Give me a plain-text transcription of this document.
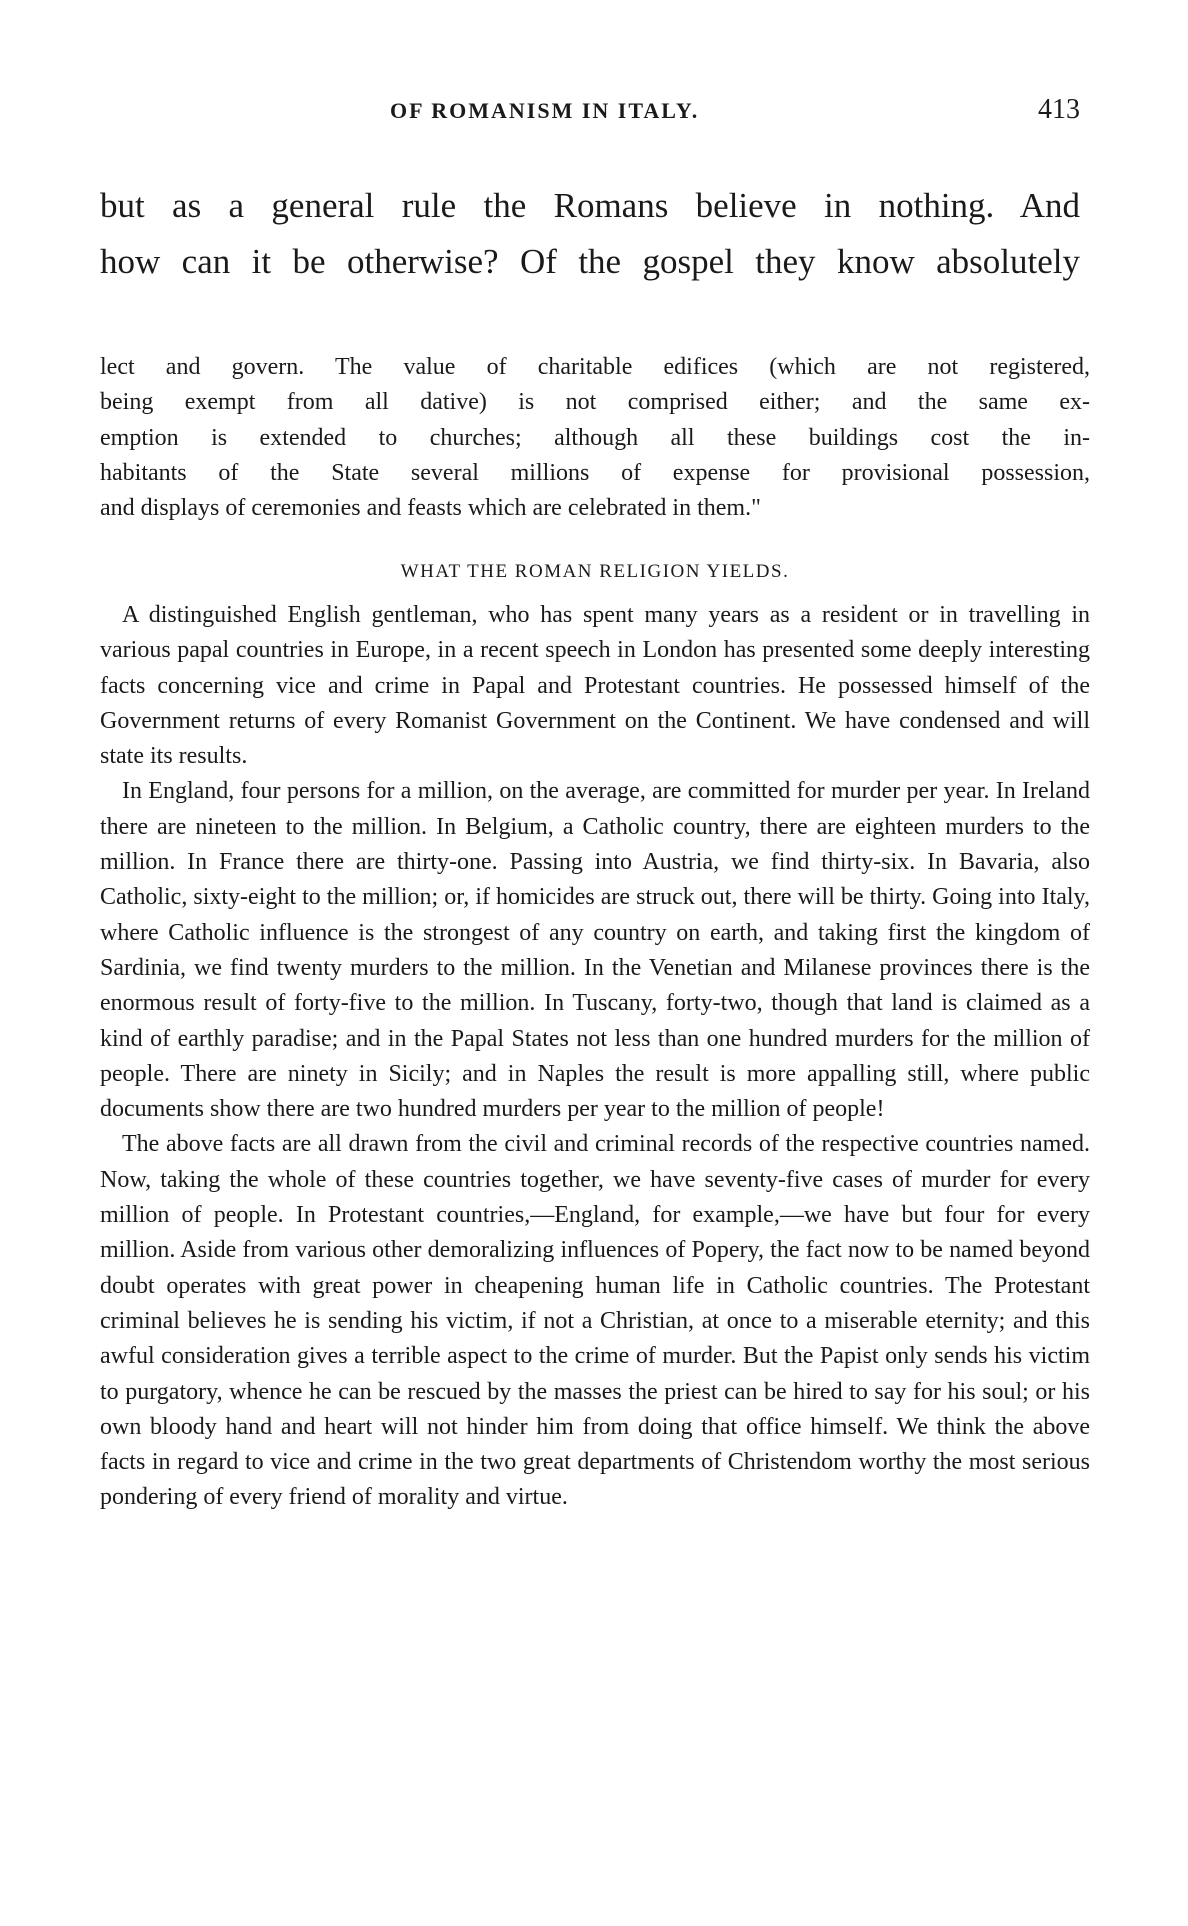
OF ROMANISM IN ITALY.	413
but as a general rule the Romans believe in nothing. And
how can it be otherwise? Of the gospel they know absolutely
lect and govern. The value of charitable edifices (which are not registered,
being exempt from all dative) is not comprised either; and the same ex-
emption is extended to churches; although all these buildings cost the in-
habitants of the State several millions of expense for provisional possession,
and displays of ceremonies and feasts which are celebrated in them."
WHAT THE ROMAN RELIGION YIELDS.

A distinguished English gentleman, who has spent many years as a resident or in travelling in various papal countries in Europe, in a recent speech in London has presented some deeply interesting facts concerning vice and crime in Papal and Protestant countries. He possessed himself of the Government returns of every Romanist Government on the Continent. We have condensed and will state its results.

In England, four persons for a million, on the average, are committed for murder per year. In Ireland there are nineteen to the million. In Belgium, a Catholic country, there are eighteen murders to the million. In France there are thirty-one. Passing into Austria, we find thirty-six. In Bavaria, also Catholic, sixty-eight to the million; or, if homicides are struck out, there will be thirty. Going into Italy, where Catholic influence is the strongest of any country on earth, and taking first the kingdom of Sardinia, we find twenty murders to the million. In the Venetian and Milanese provinces there is the enormous result of forty-five to the million. In Tuscany, forty-two, though that land is claimed as a kind of earthly paradise; and in the Papal States not less than one hundred murders for the million of people. There are ninety in Sicily; and in Naples the result is more appalling still, where public documents show there are two hundred murders per year to the million of people!

The above facts are all drawn from the civil and criminal records of the respective countries named. Now, taking the whole of these countries together, we have seventy-five cases of murder for every million of people. In Protestant countries,—England, for example,—we have but four for every million. Aside from various other demoralizing influences of Popery, the fact now to be named beyond doubt operates with great power in cheapening human life in Catholic countries. The Protestant criminal believes he is sending his victim, if not a Christian, at once to a miserable eternity; and this awful consideration gives a terrible aspect to the crime of murder. But the Papist only sends his victim to purgatory, whence he can be rescued by the masses the priest can be hired to say for his soul; or his own bloody hand and heart will not hinder him from doing that office himself. We think the above facts in regard to vice and crime in the two great departments of Christendom worthy the most serious pondering of every friend of morality and virtue.
